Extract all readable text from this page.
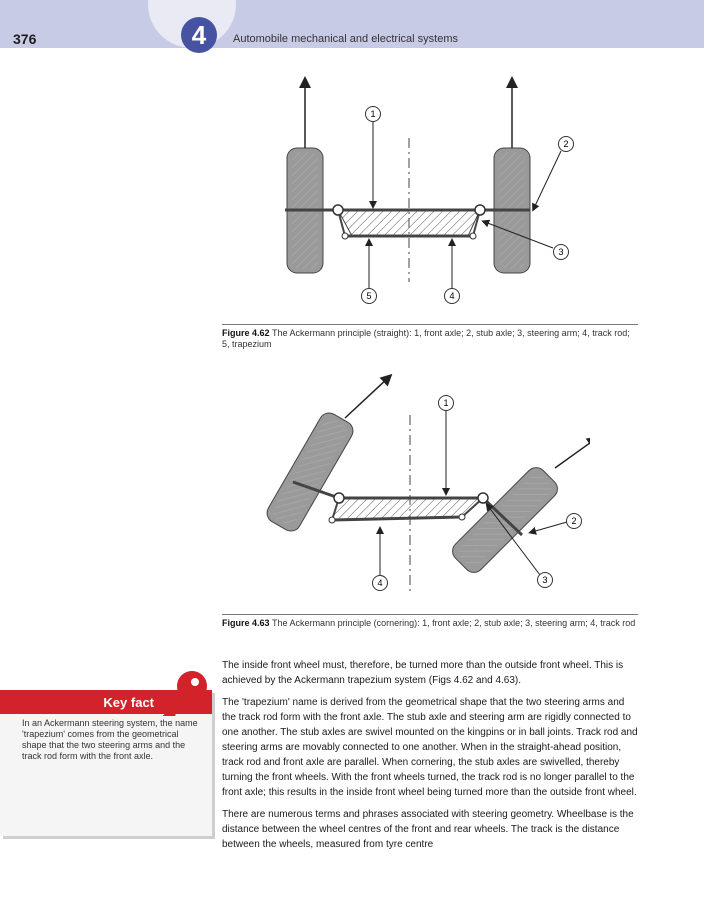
376	4	Automobile mechanical and electrical systems
1
2
3
4
5
Figure 4.62 The Ackermann principle (straight): 1, front axle; 2, stub axle; 3, steering arm; 4, track rod; 5, trapezium
1
2
3
4
Figure 4.63 The Ackermann principle (cornering): 1, front axle; 2, stub axle; 3, steering arm; 4, track rod
Key fact
In an Ackermann steering system, the name 'trapezium' comes from the geometrical shape that the two steering arms and the track rod form with the front axle.

The inside front wheel must, therefore, be turned more than the outside front wheel. This is achieved by the Ackermann trapezium system (Figs 4.62 and 4.63).

The 'trapezium' name is derived from the geometrical shape that the two steering arms and the track rod form with the front axle. The stub axle and steering arm are rigidly connected to one another. The stub axles are swivel mounted on the kingpins or in ball joints. Track rod and steering arms are movably connected to one another. When in the straight-ahead position, track rod and front axle are parallel. When cornering, the stub axles are swivelled, thereby turning the front wheels. With the front wheels turned, the track rod is no longer parallel to the front axle; this results in the inside front wheel being turned more than the outside front wheel.

There are numerous terms and phrases associated with steering geometry. Wheelbase is the distance between the wheel centres of the front and rear wheels. The track is the distance between the wheels, measured from tyre centre
